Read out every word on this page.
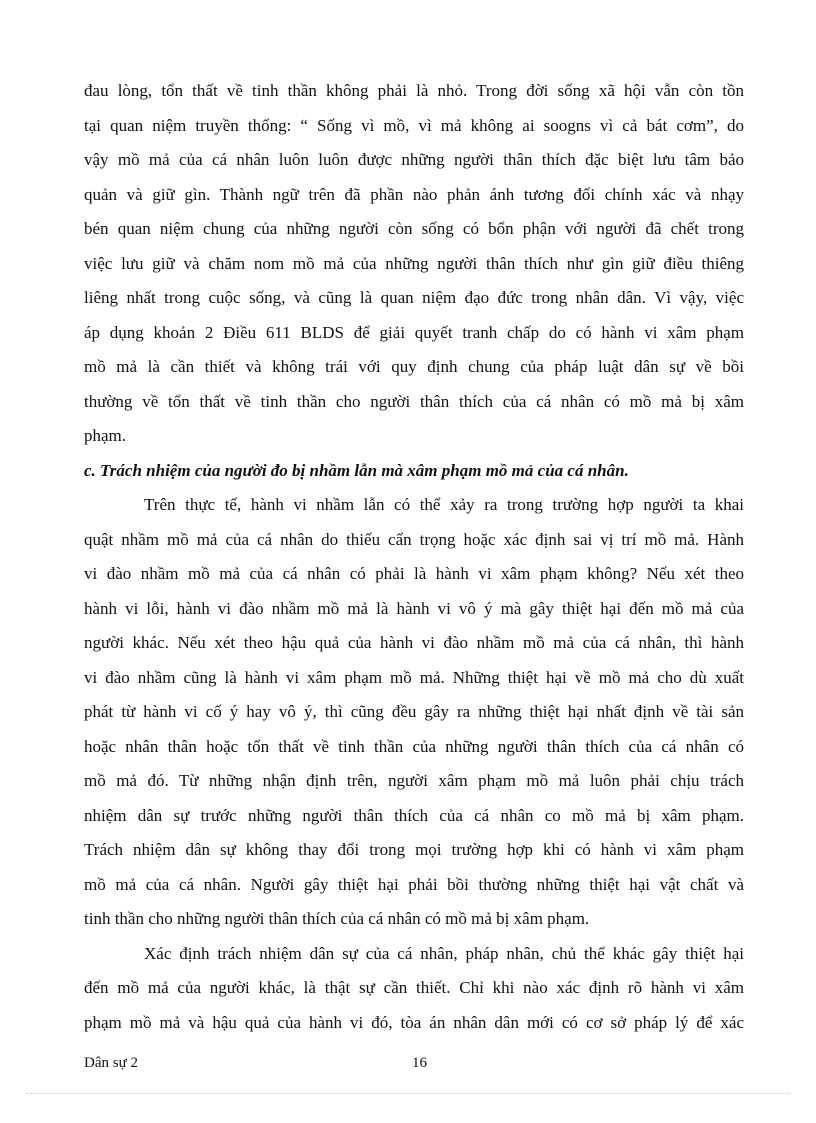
đau lòng, tổn thất về tinh thần không phải là nhỏ. Trong đời sống xã hội vẫn còn tồn
tại quan niệm truyền thống: “ Sống vì mồ, vì mả không ai soogns vì cả bát cơm”, do
vậy mồ mả của cá nhân luôn luôn được những người thân thích đặc biệt lưu tâm bảo
quản và giữ gìn. Thành ngữ trên đã phần nào phản ánh tương đối chính xác và nhạy
bén quan niệm chung của những người còn sống có bổn phận với người đã chết trong
việc lưu giữ và chăm nom mồ mả của những người thân thích như gìn giữ điều thiêng
liêng nhất trong cuộc sống, và cũng là quan niệm đạo đức trong nhân dân. Vì vậy, việc
áp dụng khoản 2 Điều 611 BLDS để giải quyết tranh chấp do có hành vi xâm phạm
mồ mả là cần thiết và không trái với quy định chung của pháp luật dân sự về bồi
thường về tổn thất về tinh thần cho người thân thích của cá nhân có mồ mả bị xâm
phạm.
c. Trách nhiệm của người đo bị nhầm lẫn mà xâm phạm mồ mả của cá nhân.
Trên thực tế, hành vi nhầm lẫn có thể xảy ra trong trường hợp người ta khai
quật nhầm mồ mả của cá nhân do thiếu cẩn trọng hoặc xác định sai vị trí mồ mả. Hành
vi đào nhầm mồ mả của cá nhân có phải là hành vi xâm phạm không? Nếu xét theo
hành vi lỗi, hành vi đào nhầm mồ mả là hành vi vô ý mà gây thiệt hại đến mồ mả của
người khác. Nếu xét theo hậu quả của hành vi đào nhầm mồ mả của cá nhân, thì hành
vi đào nhầm cũng là hành vi xâm phạm mồ mả. Những thiệt hại về mồ mả cho dù xuất
phát từ hành vi cố ý hay vô ý, thì cũng đều gây ra những thiệt hại nhất định về tài sản
hoặc nhân thân hoặc tổn thất về tinh thần của những người thân thích của cá nhân có
mồ mả đó. Từ những nhận định trên, người xâm phạm mồ mả luôn phải chịu trách
nhiệm dân sự trước những người thân thích của cá nhân co mồ mả bị xâm phạm.
Trách nhiệm dân sự không thay đổi trong mọi trường hợp khi có hành vi xâm phạm
mồ mả của cá nhân. Người gây thiệt hại phải bồi thường những thiệt hại vật chất và
tinh thần cho những người thân thích của cá nhân có mồ mả bị xâm phạm.
Xác định trách nhiệm dân sự của cá nhân, pháp nhân, chủ thể khác gây thiệt hại
đến mồ mả của người khác, là thật sự cần thiết. Chỉ khi nào xác định rõ hành vi xâm
phạm mồ mả và hậu quả của hành vi đó, tòa án nhân dân mới có cơ sở pháp lý để xác
Dân sự 2	16
